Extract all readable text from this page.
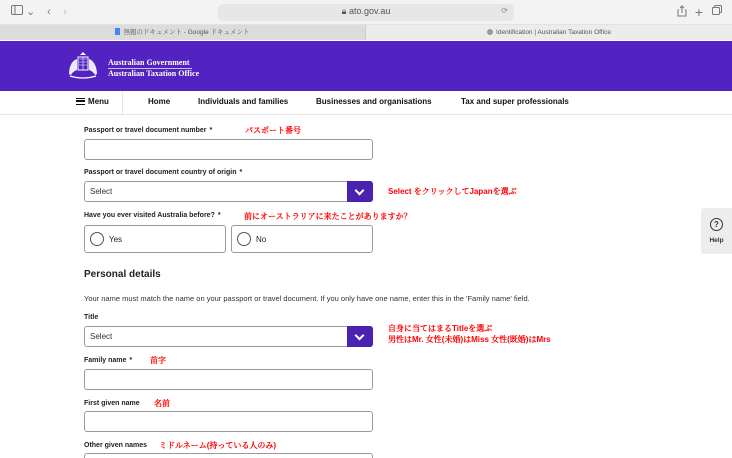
⌄ ‹ ›	🔒︎ ato.gov.au	⟳	+
無題のドキュメント - Google ドキュメント	Identification | Australian Taxation Office
Australian Government
Australian Taxation Office
Menu	Home	Individuals and families	Businesses and organisations	Tax and super professionals
Passport or travel document number *	パスポート番号
Passport or travel document country of origin *
Select	Select をクリックしてJapanを選ぶ
Have you ever visited Australia before? *	前にオーストラリアに来たことがありますか？
Yes	No
Personal details
Your name must match the name on your passport or travel document. If you only have one name, enter this in the 'Family name' field.
Title
Select
自身に当てはまるTitleを選ぶ
男性はMr. 女性(未婚)はMiss 女性(既婚)はMrs
Family name * 苗字
First given name 名前
Other given names ミドルネーム(持っている人のみ)
?
Help
